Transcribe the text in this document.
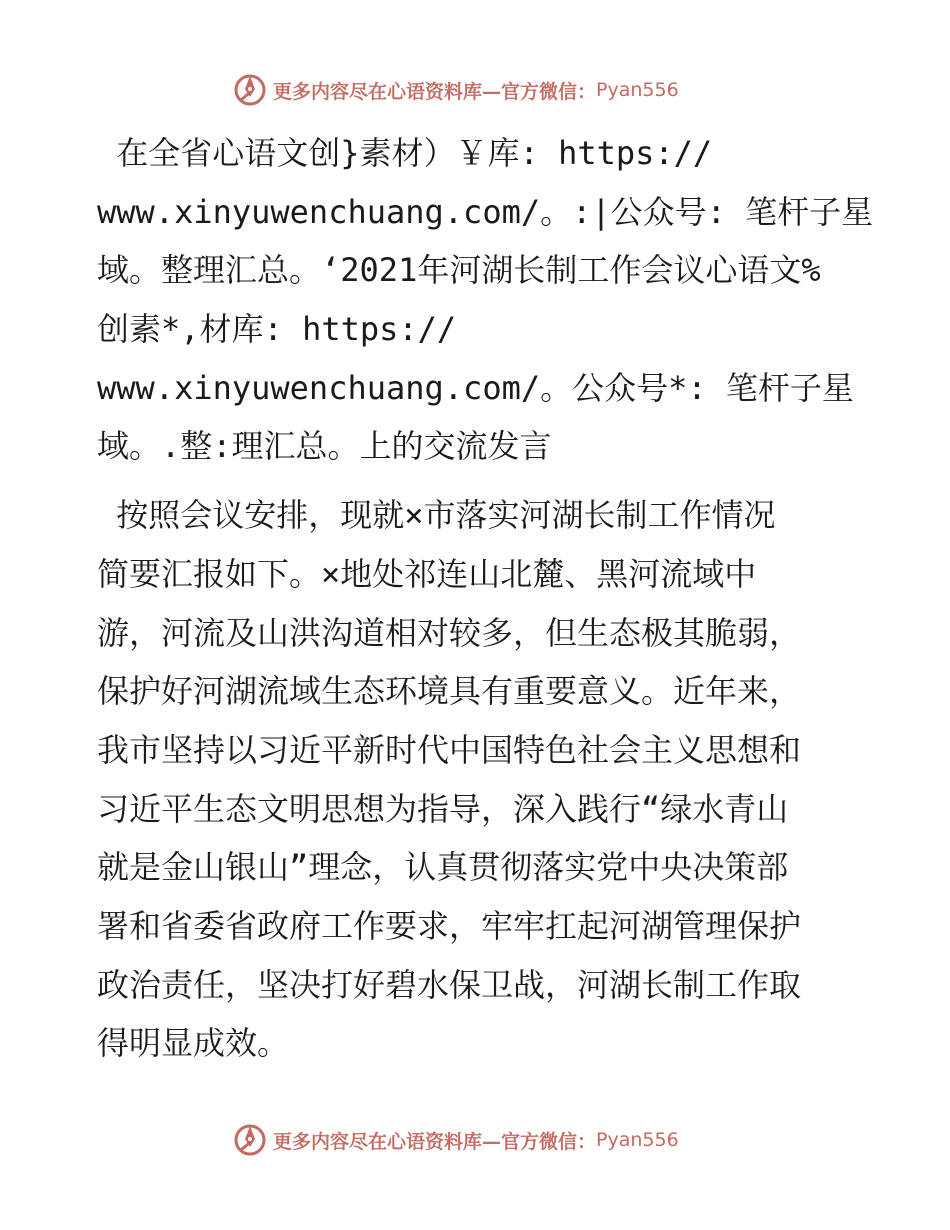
更多内容尽在心语资料库—官方微信： Pyan556
在全省心语文创}素材）￥库: https://
www.xinyuwenchuang.com/。:|公众号: 笔杆子星
域。整理汇总。‘2021年河湖长制工作会议心语文%
创素*,材库: https://
www.xinyuwenchuang.com/。公众号*: 笔杆子星
域。.整:理汇总。上的交流发言
按照会议安排，现就×市落实河湖长制工作情况
简要汇报如下。×地处祁连山北麓、黑河流域中
游，河流及山洪沟道相对较多，但生态极其脆弱，
保护好河湖流域生态环境具有重要意义。近年来，
我市坚持以习近平新时代中国特色社会主义思想和
习近平生态文明思想为指导，深入践行“绿水青山
就是金山银山”理念，认真贯彻落实党中央决策部
署和省委省政府工作要求，牢牢扛起河湖管理保护
政治责任，坚决打好碧水保卫战，河湖长制工作取
得明显成效。
更多内容尽在心语资料库—官方微信： Pyan556
